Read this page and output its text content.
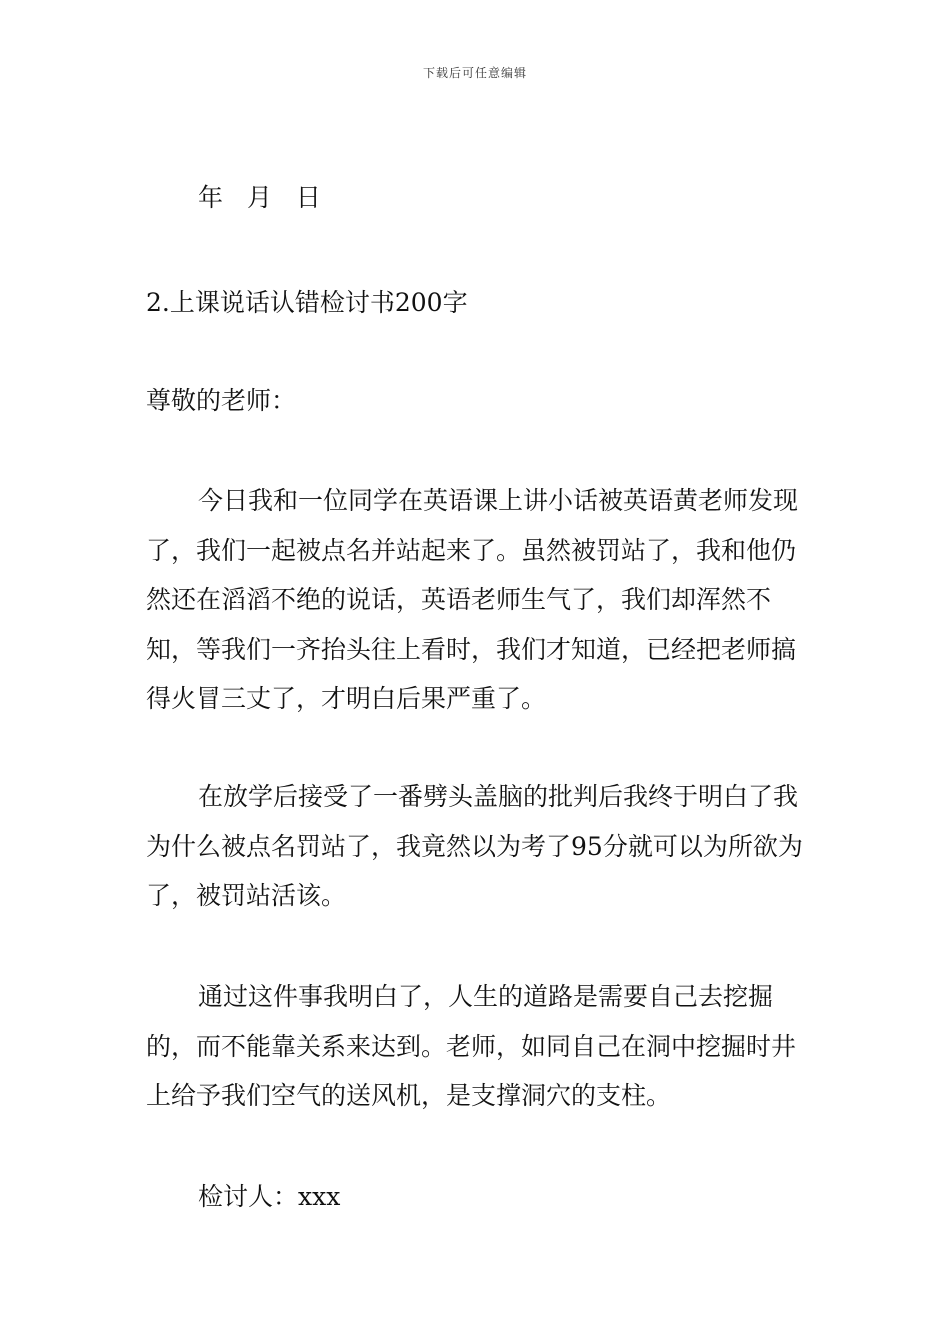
下载后可任意编辑
年 月 日

2.上课说话认错检讨书200字

尊敬的老师：

今日我和一位同学在英语课上讲小话被英语黄老师发现了，我们一起被点名并站起来了。虽然被罚站了，我和他仍然还在滔滔不绝的说话，英语老师生气了，我们却浑然不知，等我们一齐抬头往上看时，我们才知道，已经把老师搞得火冒三丈了，才明白后果严重了。

在放学后接受了一番劈头盖脑的批判后我终于明白了我为什么被点名罚站了，我竟然以为考了95分就可以为所欲为了，被罚站活该。

通过这件事我明白了，人生的道路是需要自己去挖掘的，而不能靠关系来达到。老师，如同自己在洞中挖掘时井上给予我们空气的送风机，是支撑洞穴的支柱。

检讨人：xxx
